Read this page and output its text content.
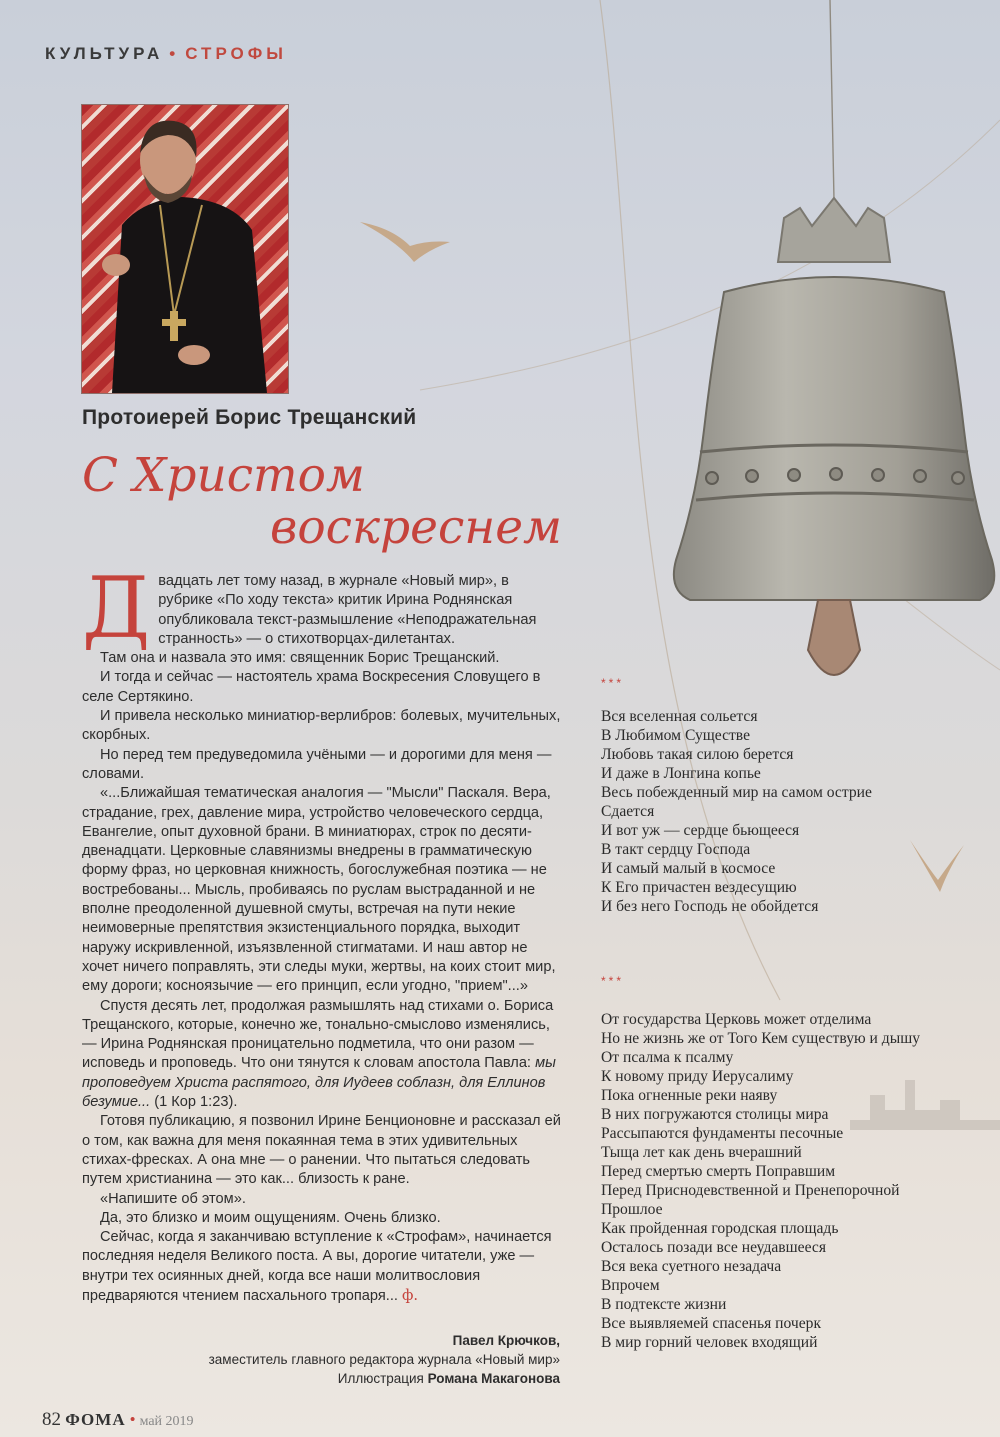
КУЛЬТУРА • СТРОФЫ
Протоиерей Борис Трещанский
С Христом
воскреснем
Д вадцать лет тому назад, в журнале «Новый мир», в рубрике «По ходу текста» критик Ирина Роднянская опубликовала текст-размышление «Неподражательная странность» — о стихотворцах-дилетантах.

Там она и назвала это имя: священник Борис Трещанский.

И тогда и сейчас — настоятель храма Воскресения Словущего в селе Сертякино.

И привела несколько миниатюр-верлибров: болевых, мучительных, скорбных.

Но перед тем предуведомила учёными — и дорогими для меня — словами.

«...Ближайшая тематическая аналогия — "Мысли" Паскаля. Вера, страдание, грех, давление мира, устройство человеческого сердца, Евангелие, опыт духовной брани. В миниатюрах, строк по десяти-двенадцати. Церковные славянизмы внедрены в грамматическую форму фраз, но церковная книжность, богослужебная поэтика — не востребованы... Мысль, пробиваясь по руслам выстраданной и не вполне преодоленной душевной смуты, встречая на пути некие неимоверные препятствия экзистенциального порядка, выходит наружу искривленной, изъязвленной стигматами. И наш автор не хочет ничего поправлять, эти следы муки, жертвы, на коих стоит мир, ему дороги; косноязычие — его принцип, если угодно, "прием"...»

Спустя десять лет, продолжая размышлять над стихами о. Бориса Трещанского, которые, конечно же, тонально-смыслово изменялись, — Ирина Роднянская проницательно подметила, что они разом — исповедь и проповедь. Что они тянутся к словам апостола Павла: мы проповедуем Христа распятого, для Иудеев соблазн, для Еллинов безумие... (1 Кор 1:23).

Готовя публикацию, я позвонил Ирине Бенционовне и рассказал ей о том, как важна для меня покаянная тема в этих удивительных стихах-фресках. А она мне — о ранении. Что пытаться следовать путем христианина — это как... близость к ране.

«Напишите об этом».

Да, это близко и моим ощущениям. Очень близко.

Сейчас, когда я заканчиваю вступление к «Строфам», начинается последняя неделя Великого поста. А вы, дорогие читатели, уже — внутри тех осиянных дней, когда все наши молитвословия предваряются чтением пасхального тропаря... ф.

Павел Крючков,
заместитель главного редактора журнала «Новый мир»
Иллюстрация Романа Макагонова
***
Вся вселенная сольется
В Любимом Существе
Любовь такая силою берется
И даже в Лонгина копье
Весь побежденный мир на самом острие
Сдается
И вот уж — сердце бьющееся
В такт сердцу Господа
И самый малый в космосе
К Его причастен вездесущию
И без него Господь не обойдется
***
От государства Церковь может отделима
Но не жизнь же от Того Кем существую и дышу
От псалма к псалму
К новому приду Иерусалиму
Пока огненные реки наяву
В них погружаются столицы мира
Рассыпаются фундаменты песочные
Тыща лет как день вчерашний
Перед смертью смерть Поправшим
Перед Приснодевственной и Пренепорочной
Прошлое
Как пройденная городская площадь
Осталось позади все неудавшееся
Вся века суетного незадача
Впрочем
В подтексте жизни
Все выявляемей спасенья почерк
В мир горний человек входящий
82 ФОМА • май 2019
